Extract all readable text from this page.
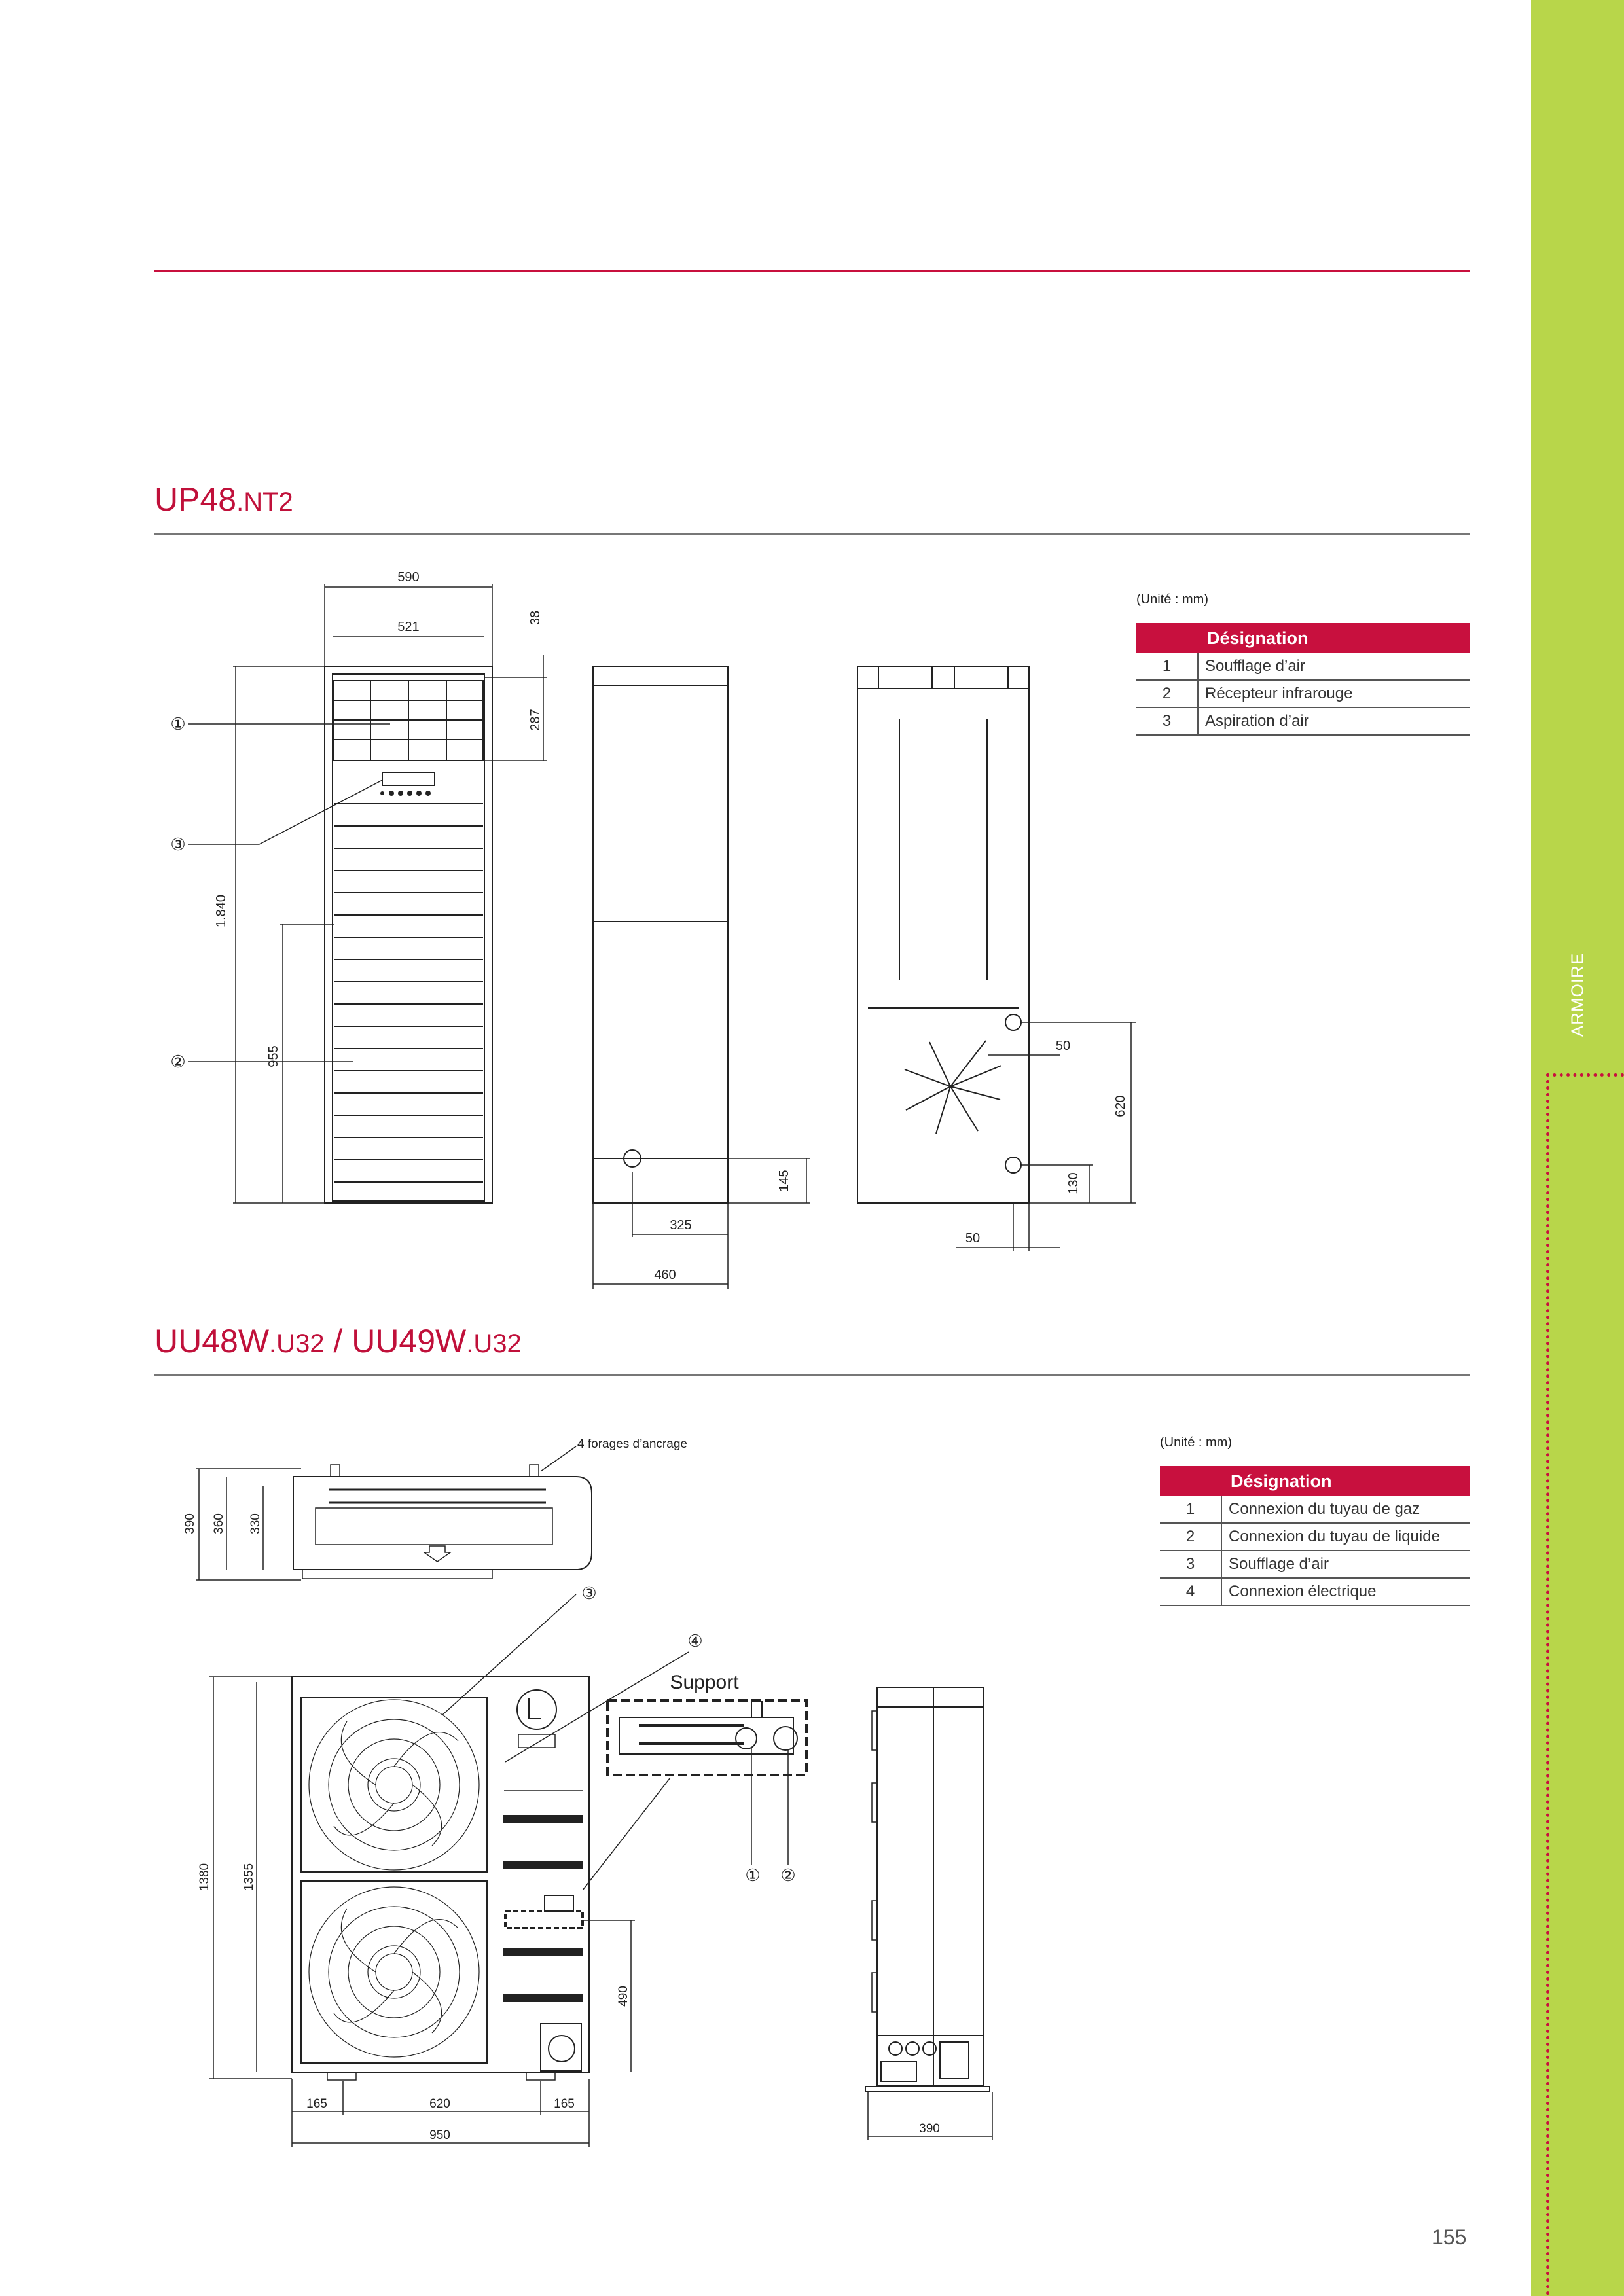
ARMOIRE
UP48.NT2
(Unité : mm)
	Désignation
1	Soufflage d’air
2	Récepteur infrarouge
3	Aspiration d’air
UU48W.U32 / UU49W.U32
(Unité : mm)
	Désignation
1	Connexion du tuyau de gaz
2	Connexion du tuyau de liquide
3	Soufflage d’air
4	Connexion électrique
590
521
38
287
1.840
955
325
460
145
50
620
130
50
①
③
②
4 forages d’ancrage
390 360 330
1380 1355
490
165	620	165
950	390
Support
③
④
① ②
155
